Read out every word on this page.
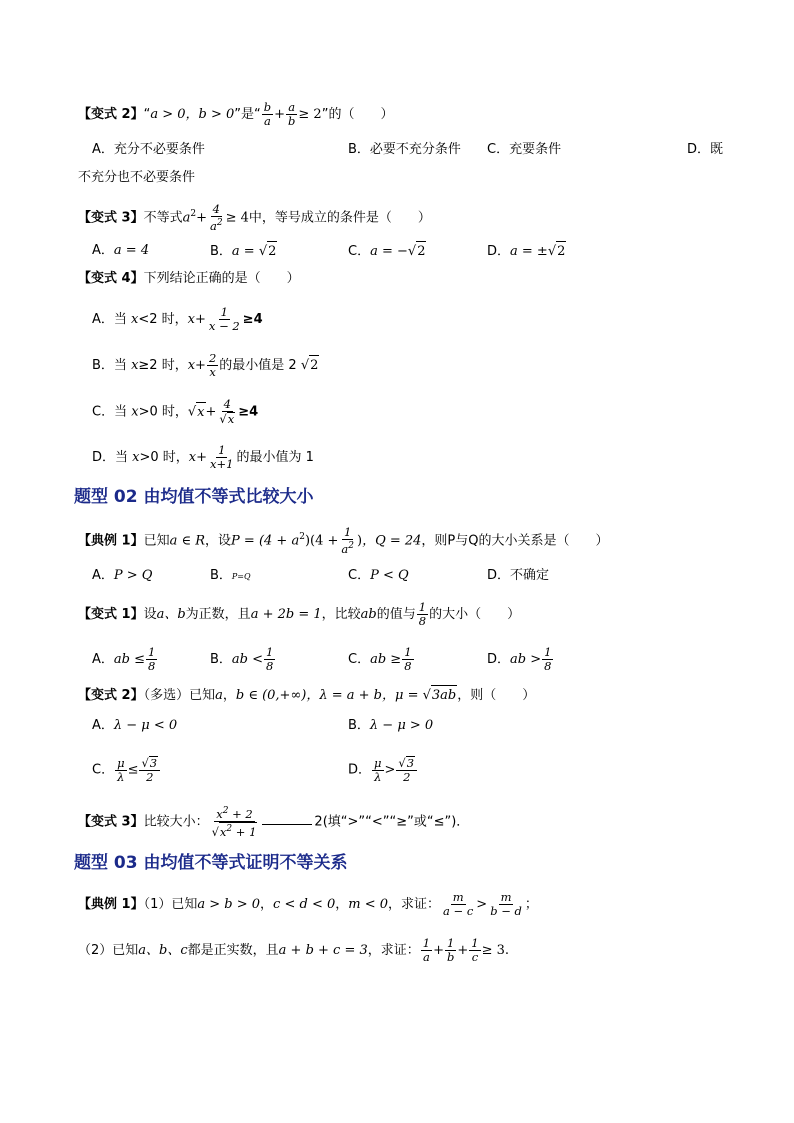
【变式 2】“a > 0，b > 0”是“ $\frac{b}{a} + \frac{a}{b} \ge 2$”的（　　）
A．充分不必要条件	B．必要不充分条件 C．充要条件	D．既
不充分也不必要条件
【变式 3】不等式$a^2+ \frac{4}{a^2} \ge 4$中，等号成立的条件是（　　）
A．a = 4	B．a = √2	C．a = −√2	D．a = ±√2
【变式 4】下列结论正确的是（　　）
A．当 x<2 时，$x+ \frac{1}{x - 2} \ge 4$
B．当 x≥2 时，$x+ \frac{2}{x}$ 的最小值是 2 √2
C．当 x>0 时，$√x+ \frac{4}{√x} \ge 4$
D．当 x>0 时，$x+ \frac{1}{x+1}$ 的最小值为 1
题型 02 由均值不等式比较大小
【典例 1】已知a ∈ R，设$P = (4 + a^2)(4 + \frac{1}{a^2}$ )，Q = 24，则P与Q的大小关系是（　　）
A．P > Q	B．P=Q	C．P < Q	D．不确定
【变式 1】设a、b为正数，且a + 2b = 1，比较ab的值与 $\frac{1}{8}$ 的大小（　　）
A．ab ≤ $\frac{1}{8}$	B．ab < $\frac{1}{8}$	C．ab ≥ $\frac{1}{8}$	D．ab > $\frac{1}{8}$
【变式 2】（多选）已知a，b ∈ (0,+∞)，λ = a + b，μ = √3ab，则（　　）
A．λ − μ < 0	B．λ − μ > 0
C． $\frac{\mu}{\lambda} \le \frac{√3}{2}$	D． $\frac{\mu}{\lambda} > \frac{√3}{2}$
【变式 3】比较大小： $\frac{x^2 + 2}{√x^2 + 1}$	2(填“>”“<”“≥”或“≤”)．
题型 03 由均值不等式证明不等关系
【典例 1】（1）已知a > b > 0，c < d < 0，m < 0，求证： $\frac{m}{a - c} > \frac{m}{b - d}$ ；
（2）已知a、b、c都是正实数，且a + b + c = 3，求证： $\frac{1}{a} + \frac{1}{b} + \frac{1}{c} \ge 3$.
